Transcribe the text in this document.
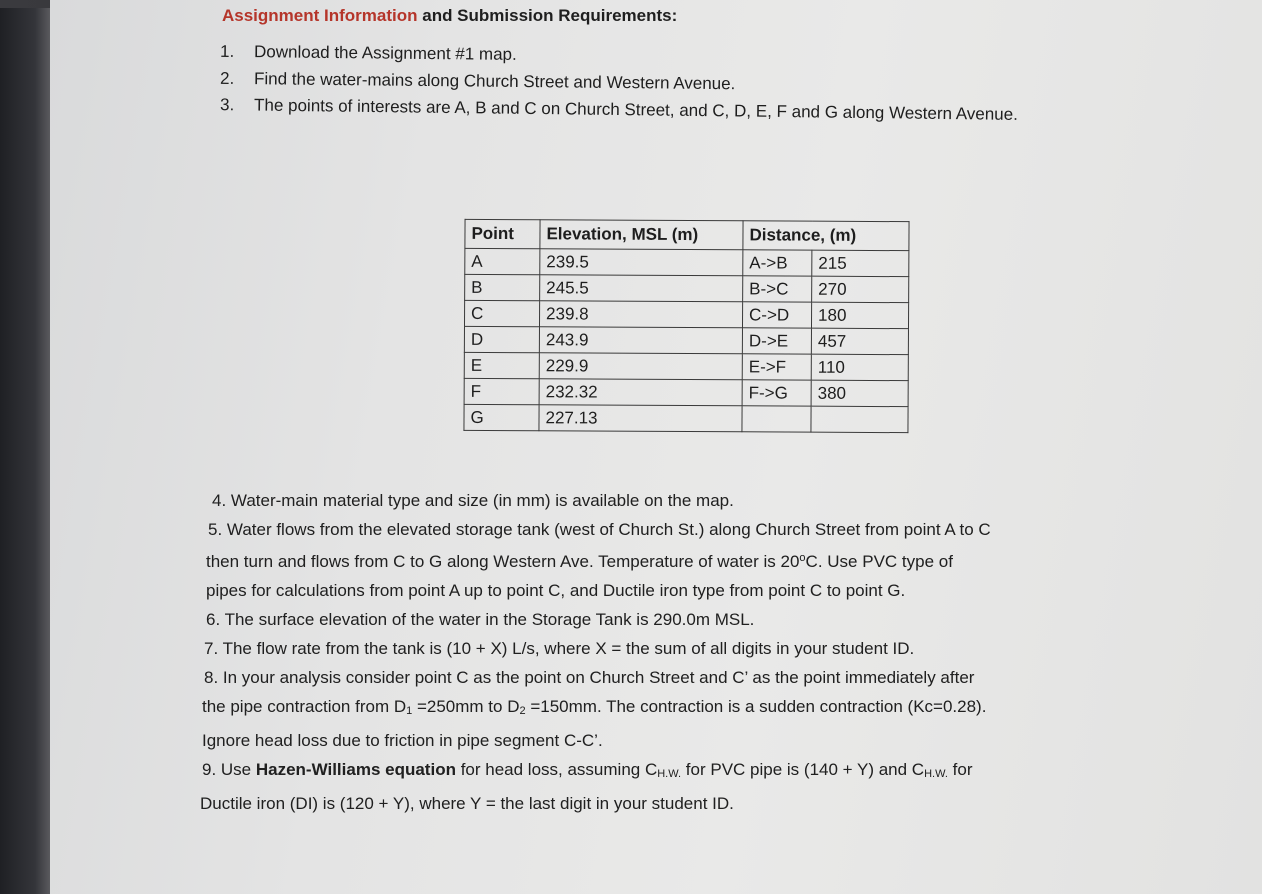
Assignment Information and Submission Requirements:
1. Download the Assignment #1 map.
2. Find the water-mains along Church Street and Western Avenue.
3. The points of interests are A, B and C on Church Street, and C, D, E, F and G along Western Avenue.
Point	Elevation, MSL (m)	Distance, (m)	
A	239.5	A->B	215
B	245.5	B->C	270
C	239.8	C->D	180
D	243.9	D->E	457
E	229.9	E->F	110
F	232.32	F->G	380
G	227.13		

4. Water-main material type and size (in mm) is available on the map.

5. Water flows from the elevated storage tank (west of Church St.) along Church Street from point A to C

then turn and flows from C to G along Western Ave. Temperature of water is 20$^o$C. Use PVC type of

pipes for calculations from point A up to point C, and Ductile iron type from point C to point G.

6. The surface elevation of the water in the Storage Tank is 290.0m MSL.

7. The flow rate from the tank is (10 + X) L/s, where X = the sum of all digits in your student ID.

8. In your analysis consider point C as the point on Church Street and C’ as the point immediately after

the pipe contraction from D1 =250mm to D2 =150mm. The contraction is a sudden contraction (Kc=0.28).

Ignore head loss due to friction in pipe segment C-C’.

9. Use Hazen-Williams equation for head loss, assuming CH.W. for PVC pipe is (140 + Y) and CH.W. for

Ductile iron (DI) is (120 + Y), where Y = the last digit in your student ID.
